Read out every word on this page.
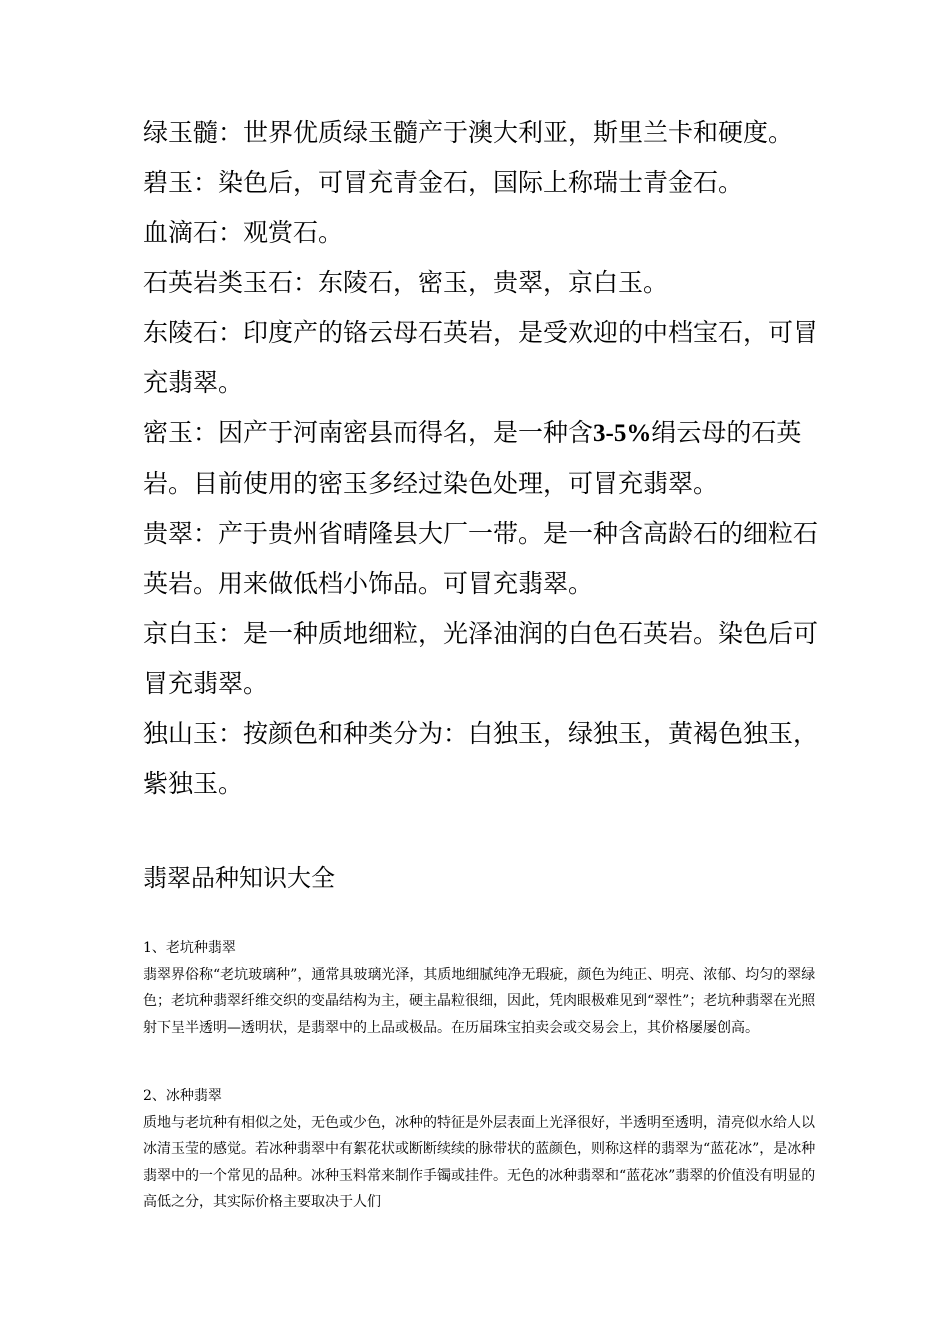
绿玉髓：世界优质绿玉髓产于澳大利亚，斯里兰卡和硬度。

碧玉：染色后，可冒充青金石，国际上称瑞士青金石。

血滴石：观赏石。

石英岩类玉石：东陵石，密玉，贵翠，京白玉。

东陵石：印度产的铬云母石英岩，是受欢迎的中档宝石，可冒充翡翠。

密玉：因产于河南密县而得名，是一种含3-5%绢云母的石英岩。目前使用的密玉多经过染色处理，可冒充翡翠。

贵翠：产于贵州省晴隆县大厂一带。是一种含高龄石的细粒石英岩。用来做低档小饰品。可冒充翡翠。

京白玉：是一种质地细粒，光泽油润的白色石英岩。染色后可冒充翡翠。

独山玉：按颜色和种类分为：白独玉，绿独玉，黄褐色独玉，紫独玉。

翡翠品种知识大全
1、老坑种翡翠
翡翠界俗称“老坑玻璃种”，通常具玻璃光泽，其质地细腻纯净无瑕疵，颜色为纯正、明亮、浓郁、均匀的翠绿色；老坑种翡翠纤维交织的变晶结构为主，硬主晶粒很细，因此，凭肉眼极难见到“翠性”；老坑种翡翠在光照射下呈半透明—透明状，是翡翠中的上品或极品。在历届珠宝拍卖会或交易会上，其价格屡屡创高。
2、冰种翡翠
质地与老坑种有相似之处，无色或少色，冰种的特征是外层表面上光泽很好，半透明至透明，清亮似水给人以冰清玉莹的感觉。若冰种翡翠中有絮花状或断断续续的脉带状的蓝颜色，则称这样的翡翠为“蓝花冰”，是冰种翡翠中的一个常见的品种。冰种玉料常来制作手镯或挂件。无色的冰种翡翠和“蓝花冰”翡翠的价值没有明显的高低之分，其实际价格主要取决于人们
